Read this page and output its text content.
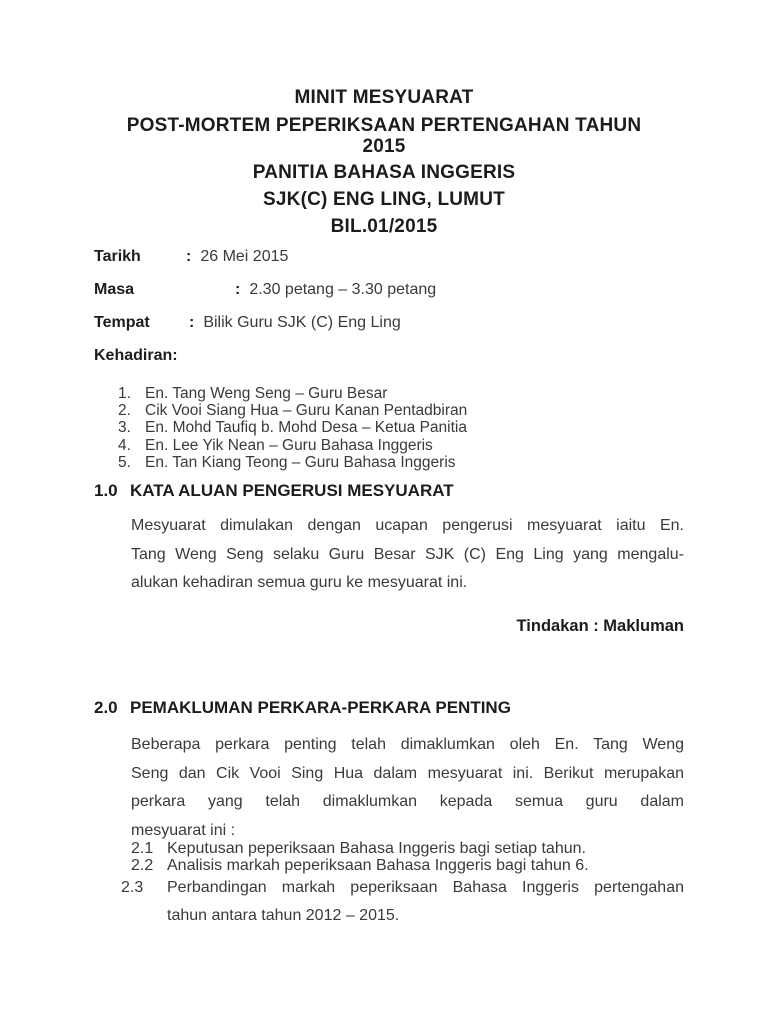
MINIT MESYUARAT
POST-MORTEM PEPERIKSAAN PERTENGAHAN TAHUN
2015
PANITIA BAHASA INGGERIS
SJK(C) ENG LING, LUMUT
BIL.01/2015
Tarikh	: 26 Mei 2015
Masa	: 2.30 petang – 3.30 petang
Tempat	: Bilik Guru SJK (C) Eng Ling
Kehadiran:
1. En. Tang Weng Seng – Guru Besar
2. Cik Vooi Siang Hua – Guru Kanan Pentadbiran
3. En. Mohd Taufiq b. Mohd Desa – Ketua Panitia
4. En. Lee Yik Nean – Guru Bahasa Inggeris
5. En. Tan Kiang Teong – Guru Bahasa Inggeris
1.0 KATA ALUAN PENGERUSI MESYUARAT
Mesyuarat dimulakan dengan ucapan pengerusi mesyuarat iaitu En.
Tang Weng Seng selaku Guru Besar SJK (C) Eng Ling yang mengalu-
alukan kehadiran semua guru ke mesyuarat ini.
Tindakan : Makluman
2.0 PEMAKLUMAN PERKARA-PERKARA PENTING
Beberapa perkara penting telah dimaklumkan oleh En. Tang Weng
Seng dan Cik Vooi Sing Hua dalam mesyuarat ini. Berikut merupakan
perkara yang telah dimaklumkan kepada semua guru dalam
mesyuarat ini :
2.1 Keputusan peperiksaan Bahasa Inggeris bagi setiap tahun.
2.2 Analisis markah peperiksaan Bahasa Inggeris bagi tahun 6.
2.3	Perbandingan markah peperiksaan Bahasa Inggeris pertengahan
tahun antara tahun 2012 – 2015.
